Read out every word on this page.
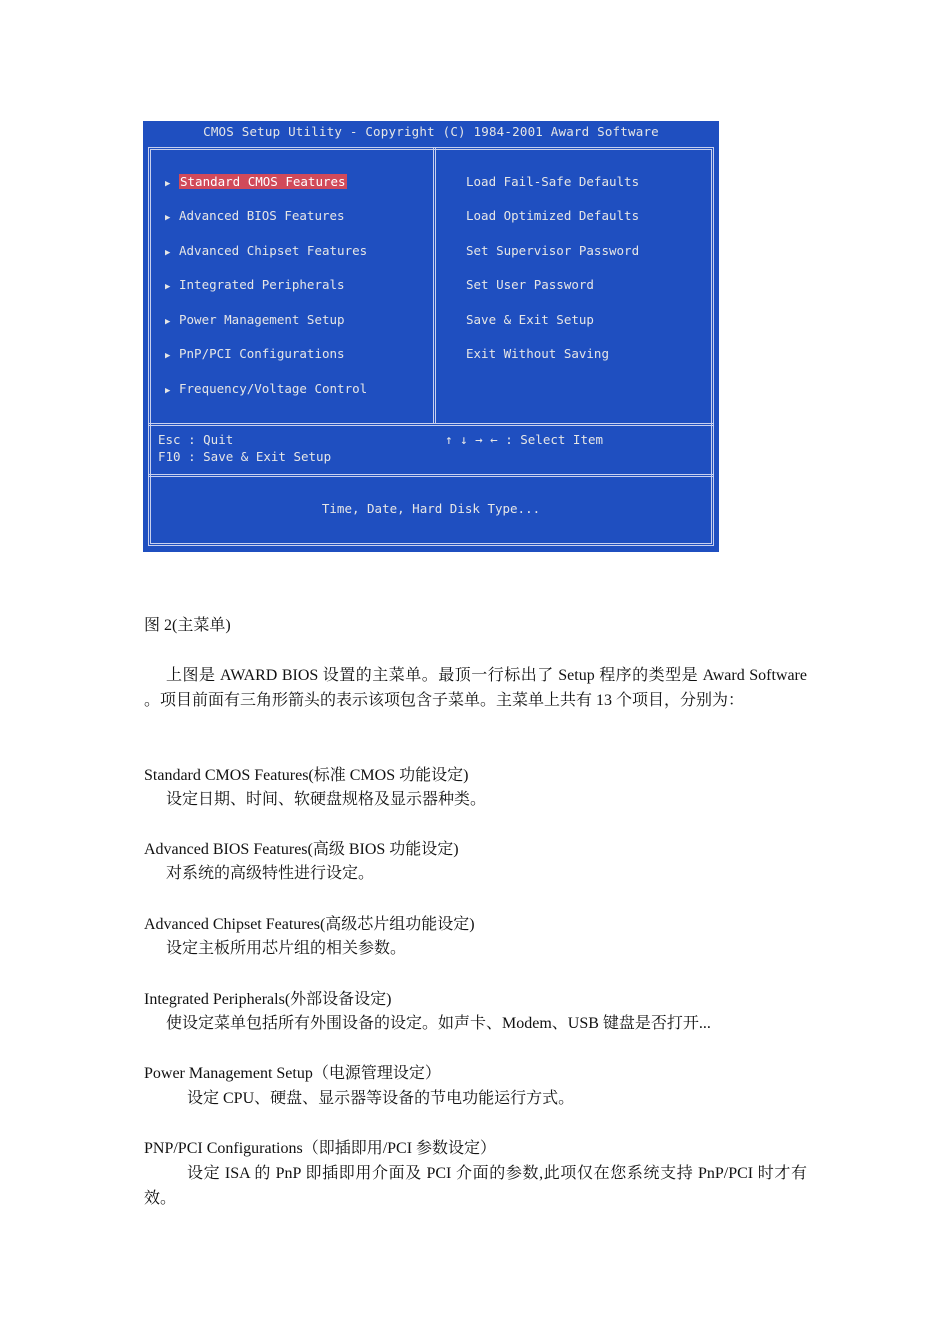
CMOS Setup Utility - Copyright (C) 1984-2001 Award Software
▶ Standard CMOS Features
▶ Advanced BIOS Features
▶ Advanced Chipset Features
▶ Integrated Peripherals
▶ Power Management Setup
▶ PnP/PCI Configurations
▶ Frequency/Voltage Control
Load Fail-Safe Defaults
Load Optimized Defaults
Set Supervisor Password
Set User Password
Save & Exit Setup
Exit Without Saving
Esc : Quit
F10 : Save & Exit Setup
↑ ↓ → ← : Select Item
Time, Date, Hard Disk Type...
图 2(主菜单)
上图是 AWARD BIOS 设置的主菜单。最顶一行标出了 Setup 程序的类型是 Award Software 。项目前面有三角形箭头的表示该项包含子菜单。主菜单上共有 13 个项目，分别为：
Standard CMOS Features(标准 CMOS 功能设定)
设定日期、时间、软硬盘规格及显示器种类。
Advanced BIOS Features(高级 BIOS 功能设定)
对系统的高级特性进行设定。
Advanced Chipset Features(高级芯片组功能设定)
设定主板所用芯片组的相关参数。
Integrated Peripherals(外部设备设定)
使设定菜单包括所有外围设备的设定。如声卡、Modem、USB 键盘是否打开...
Power Management Setup（电源管理设定）
设定 CPU、硬盘、显示器等设备的节电功能运行方式。
PNP/PCI Configurations（即插即用/PCI 参数设定）
设定 ISA 的 PnP 即插即用介面及 PCI 介面的参数,此项仅在您系统支持 PnP/PCI 时才有效。
